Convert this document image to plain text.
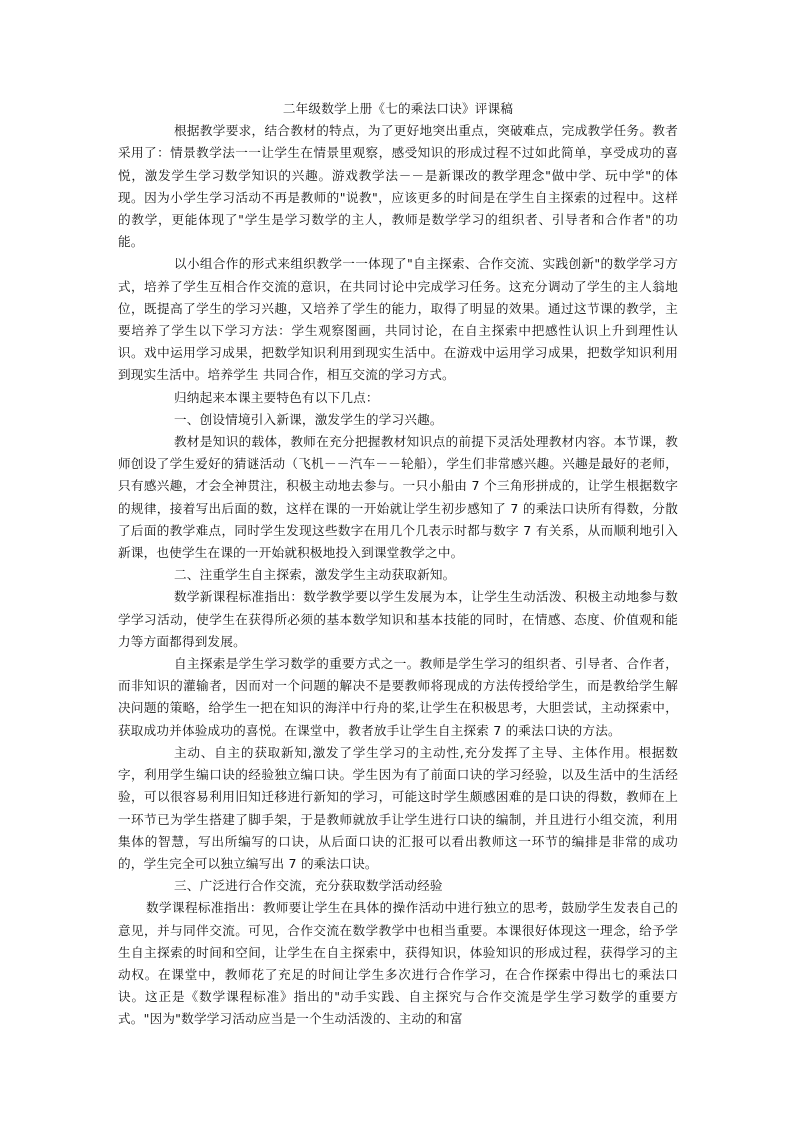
二年级数学上册《七的乘法口诀》评课稿

根据教学要求，结合教材的特点，为了更好地突出重点，突破难点，完成教学任务。教者采用了：情景教学法一一让学生在情景里观察，感受知识的形成过程不过如此简单，享受成功的喜悦，激发学生学习数学知识的兴趣。游戏教学法－－是新课改的教学理念"做中学、玩中学"的体现。因为小学生学习活动不再是教师的"说教"，应该更多的时间是在学生自主探索的过程中。这样的教学，更能体现了"学生是学习数学的主人，教师是数学学习的组织者、引导者和合作者"的功能。

以小组合作的形式来组织教学一一体现了"自主探索、合作交流、实践创新"的数学学习方式，培养了学生互相合作交流的意识，在共同讨论中完成学习任务。这充分调动了学生的主人翁地位，既提高了学生的学习兴趣，又培养了学生的能力，取得了明显的效果。通过这节课的教学，主要培养了学生以下学习方法：学生观察图画，共同讨论，在自主探索中把感性认识上升到理性认识。戏中运用学习成果，把数学知识利用到现实生活中。在游戏中运用学习成果，把数学知识利用到现实生活中。培养学生 共同合作，相互交流的学习方式。

归纳起来本课主要特色有以下几点：

一、创设情境引入新课，激发学生的学习兴趣。

教材是知识的载体，教师在充分把握教材知识点的前提下灵活处理教材内容。本节课，教师创设了学生爱好的猜谜活动（飞机－－汽车－－轮船），学生们非常感兴趣。兴趣是最好的老师，只有感兴趣，才会全神贯注，积极主动地去参与。一只小船由 7 个三角形拼成的，让学生根据数字的规律，接着写出后面的数，这样在课的一开始就让学生初步感知了 7 的乘法口诀所有得数，分散了后面的教学难点，同时学生发现这些数字在用几个几表示时都与数字 7 有关系，从而顺利地引入新课，也使学生在课的一开始就积极地投入到课堂教学之中。

二、注重学生自主探索，激发学生主动获取新知。

数学新课程标准指出：数学教学要以学生发展为本，让学生生动活泼、积极主动地参与数学学习活动，使学生在获得所必须的基本数学知识和基本技能的同时，在情感、态度、价值观和能力等方面都得到发展。

自主探索是学生学习数学的重要方式之一。教师是学生学习的组织者、引导者、合作者，而非知识的灌输者，因而对一个问题的解决不是要教师将现成的方法传授给学生，而是教给学生解决问题的策略，给学生一把在知识的海洋中行舟的桨,让学生在积极思考，大胆尝试，主动探索中，获取成功并体验成功的喜悦。在课堂中，教者放手让学生自主探索 7 的乘法口诀的方法。

主动、自主的获取新知,激发了学生学习的主动性,充分发挥了主导、主体作用。根据数字，利用学生编口诀的经验独立编口诀。学生因为有了前面口诀的学习经验，以及生活中的生活经验，可以很容易利用旧知迁移进行新知的学习，可能这时学生颇感困难的是口诀的得数，教师在上一环节已为学生搭建了脚手架，于是教师就放手让学生进行口诀的编制，并且进行小组交流，利用集体的智慧，写出所编写的口诀，从后面口诀的汇报可以看出教师这一环节的编排是非常的成功的，学生完全可以独立编写出 7 的乘法口诀。

三、广泛进行合作交流，充分获取数学活动经验

数学课程标准指出：教师要让学生在具体的操作活动中进行独立的思考，鼓励学生发表自己的意见，并与同伴交流。可见，合作交流在数学教学中也相当重要。本课很好体现这一理念，给予学生自主探索的时间和空间，让学生在自主探索中，获得知识，体验知识的形成过程，获得学习的主动权。在课堂中，教师花了充足的时间让学生多次进行合作学习，在合作探索中得出七的乘法口诀。这正是《数学课程标准》指出的"动手实践、自主探究与合作交流是学生学习数学的重要方式。"因为"数学学习活动应当是一个生动活泼的、主动的和富
